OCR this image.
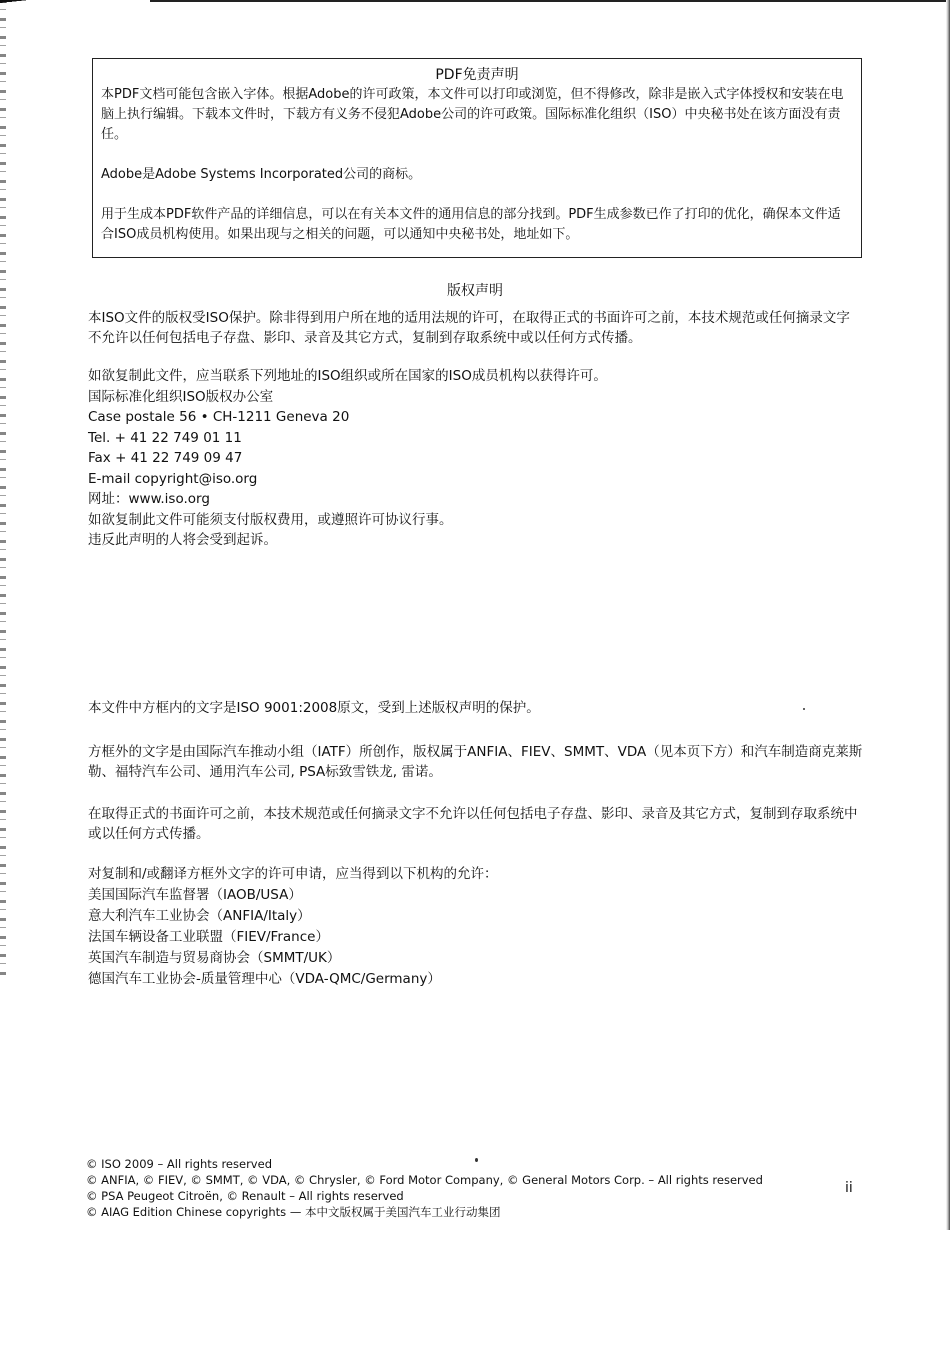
PDF免责声明

本PDF文档可能包含嵌入字体。根据Adobe的许可政策，本文件可以打印或浏览，但不得修改，除非是嵌入式字体授权和安装在电脑上执行编辑。下载本文件时，下载方有义务不侵犯Adobe公司的许可政策。国际标准化组织（ISO）中央秘书处在该方面没有责任。

Adobe是Adobe Systems Incorporated公司的商标。

用于生成本PDF软件产品的详细信息，可以在有关本文件的通用信息的部分找到。PDF生成参数已作了打印的优化，确保本文件适合ISO成员机构使用。如果出现与之相关的问题，可以通知中央秘书处，地址如下。

版权声明

本ISO文件的版权受ISO保护。除非得到用户所在地的适用法规的许可，在取得正式的书面许可之前，本技术规范或任何摘录文字不允许以任何包括电子存盘、影印、录音及其它方式，复制到存取系统中或以任何方式传播。

如欲复制此文件，应当联系下列地址的ISO组织或所在国家的ISO成员机构以获得许可。

国际标准化组织ISO版权办公室

Case postale 56 • CH-1211 Geneva 20

Tel. + 41 22 749 01 11

Fax + 41 22 749 09 47

E-mail copyright@iso.org

网址：www.iso.org

如欲复制此文件可能须支付版权费用，或遵照许可协议行事。

违反此声明的人将会受到起诉。

本文件中方框内的文字是ISO 9001:2008原文，受到上述版权声明的保护。

方框外的文字是由国际汽车推动小组（IATF）所创作，版权属于ANFIA、FIEV、SMMT、VDA（见本页下方）和汽车制造商克莱斯勒、福特汽车公司、通用汽车公司, PSA标致雪铁龙, 雷诺。

在取得正式的书面许可之前，本技术规范或任何摘录文字不允许以任何包括电子存盘、影印、录音及其它方式，复制到存取系统中或以任何方式传播。

对复制和/或翻译方框外文字的许可申请，应当得到以下机构的允许：

美国国际汽车监督署（IAOB/USA）

意大利汽车工业协会（ANFIA/Italy）

法国车辆设备工业联盟（FIEV/France）

英国汽车制造与贸易商协会（SMMT/UK）

德国汽车工业协会-质量管理中心（VDA-QMC/Germany）

© ISO 2009 – All rights reserved

© ANFIA, © FIEV, © SMMT, © VDA, © Chrysler, © Ford Motor Company, © General Motors Corp. – All rights reserved

© PSA Peugeot Citroën, © Renault – All rights reserved

© AIAG Edition Chinese copyrights — 本中文版权属于美国汽车工业行动集团

ii
